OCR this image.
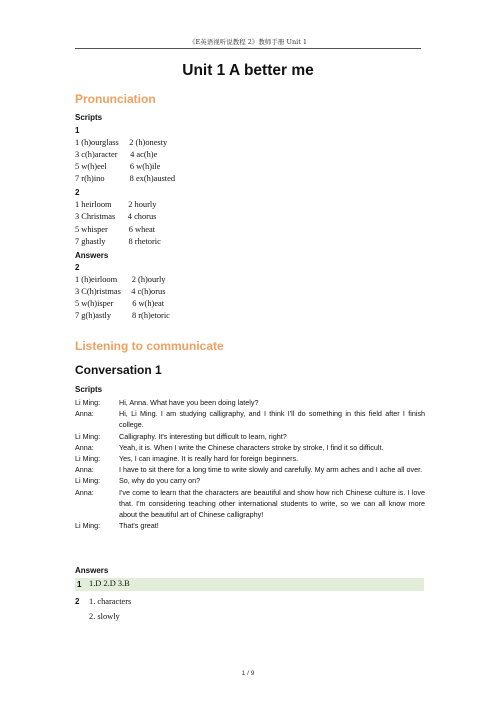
《E英语视听说教程 2》教师手册 Unit 1
Unit 1 A better me
Pronunciation
Scripts
1
1 (h)ourglass     2 (h)onesty
3 c(h)aracter      4 ac(h)e
5 w(h)eel           6 w(h)ile
7 r(h)ino            8 ex(h)austed
2
1 heirloom        2 hourly
3 Christmas      4 chorus
5 whisper          6 wheat
7 ghastly           8 rhetoric
Answers
2
1 (h)eirloom       2 (h)ourly
3 C(h)ristmas     4 c(h)orus
5 w(h)isper         6 w(h)eat
7 g(h)astly          8 r(h)etoric
Listening to communicate
Conversation 1
Scripts
Li Ming:	Hi, Anna. What have you been doing lately?
Anna:	Hi, Li Ming. I am studying calligraphy, and I think I'll do something in this field after I finish college.
Li Ming:	Calligraphy. It's interesting but difficult to learn, right?
Anna:	Yeah, it is. When I write the Chinese characters stroke by stroke, I find it so difficult.
Li Ming:	Yes, I can imagine. It is really hard for foreign beginners.
Anna:	I have to sit there for a long time to write slowly and carefully. My arm aches and I ache all over.
Li Ming:	So, why do you carry on?
Anna:	I've come to learn that the characters are beautiful and show how rich Chinese culture is. I love that. I'm considering teaching other international students to write, so we can all know more about the beautiful art of Chinese calligraphy!
Li Ming:	That's great!
Answers
1 1.D 2.D 3.B
2 1. characters
2. slowly
1 / 9
